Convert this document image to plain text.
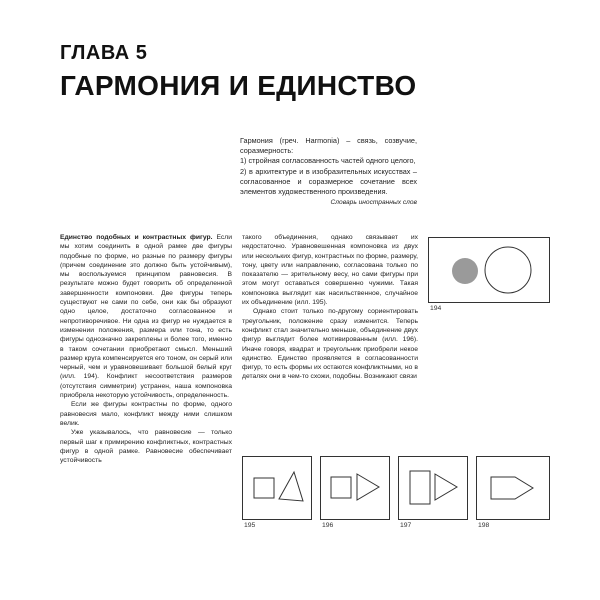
ГЛАВА 5
ГАРМОНИЯ И ЕДИНСТВО

Гармония (греч. Harmonia) – связь, созвучие, соразмерность:

1) стройная согласованность частей одного целого,

2) в архитектуре и в изобразительных искусствах – согласованное и соразмерное сочетание всех элементов художественного произведения.

Словарь иностранных слов

Единство подобных и контрастных фигур. Если мы хотим соединить в одной рамке две фигуры подобные по форме, но разные по размеру фигуры (причем соединение это должно быть устойчивым), мы воспользуемся принципом равновесия. В результате можно будет говорить об определенной завершенности компоновки. Две фигуры теперь существуют не сами по себе, они как бы образуют одно целое, достаточно согласованное и непротиворечивое. Ни одна из фигур не нуждается в изменении положения, размера или тона, то есть фигуры однозначно закреплены и более того, именно в таком сочетании приобретают смысл. Меньший размер круга компенсируется его тоном, он серый или черный, чем и уравновешивает большой белый круг (илл. 194). Конфликт несоответствия размеров (отсутствия симметрии) устранен, наша компоновка приобрела некоторую устойчивость, определенность.

Если же фигуры контрастны по форме, одного равновесия мало, конфликт между ними слишком велик.

Уже указывалось, что равновесие — только первый шаг к примирению конфликтных, контрастных фигур в одной рамке. Равновесие обеспечивает устойчивость

такого объединения, однако связывает их недостаточно. Уравновешенная компоновка из двух или нескольких фигур, контрастных по форме, размеру, тону, цвету или направлению, согласована только по показателю — зрительному весу, но сами фигуры при этом могут оставаться совершенно чужими. Такая компоновка выглядит как насильственное, случайное их объединение (илл. 195).

Однако стоит только по-другому сориентировать треугольник, положение сразу изменится. Теперь конфликт стал значительно меньше, объединение двух фигур выглядит более мотивированным (илл. 196). Иначе говоря, квадрат и треугольник приобрели некое единство. Единство проявляется в согласованности фигур, то есть формы их остаются конфликтными, но в деталях они в чем-то схожи, подобны. Возникают связи

194
195	196	197	198
